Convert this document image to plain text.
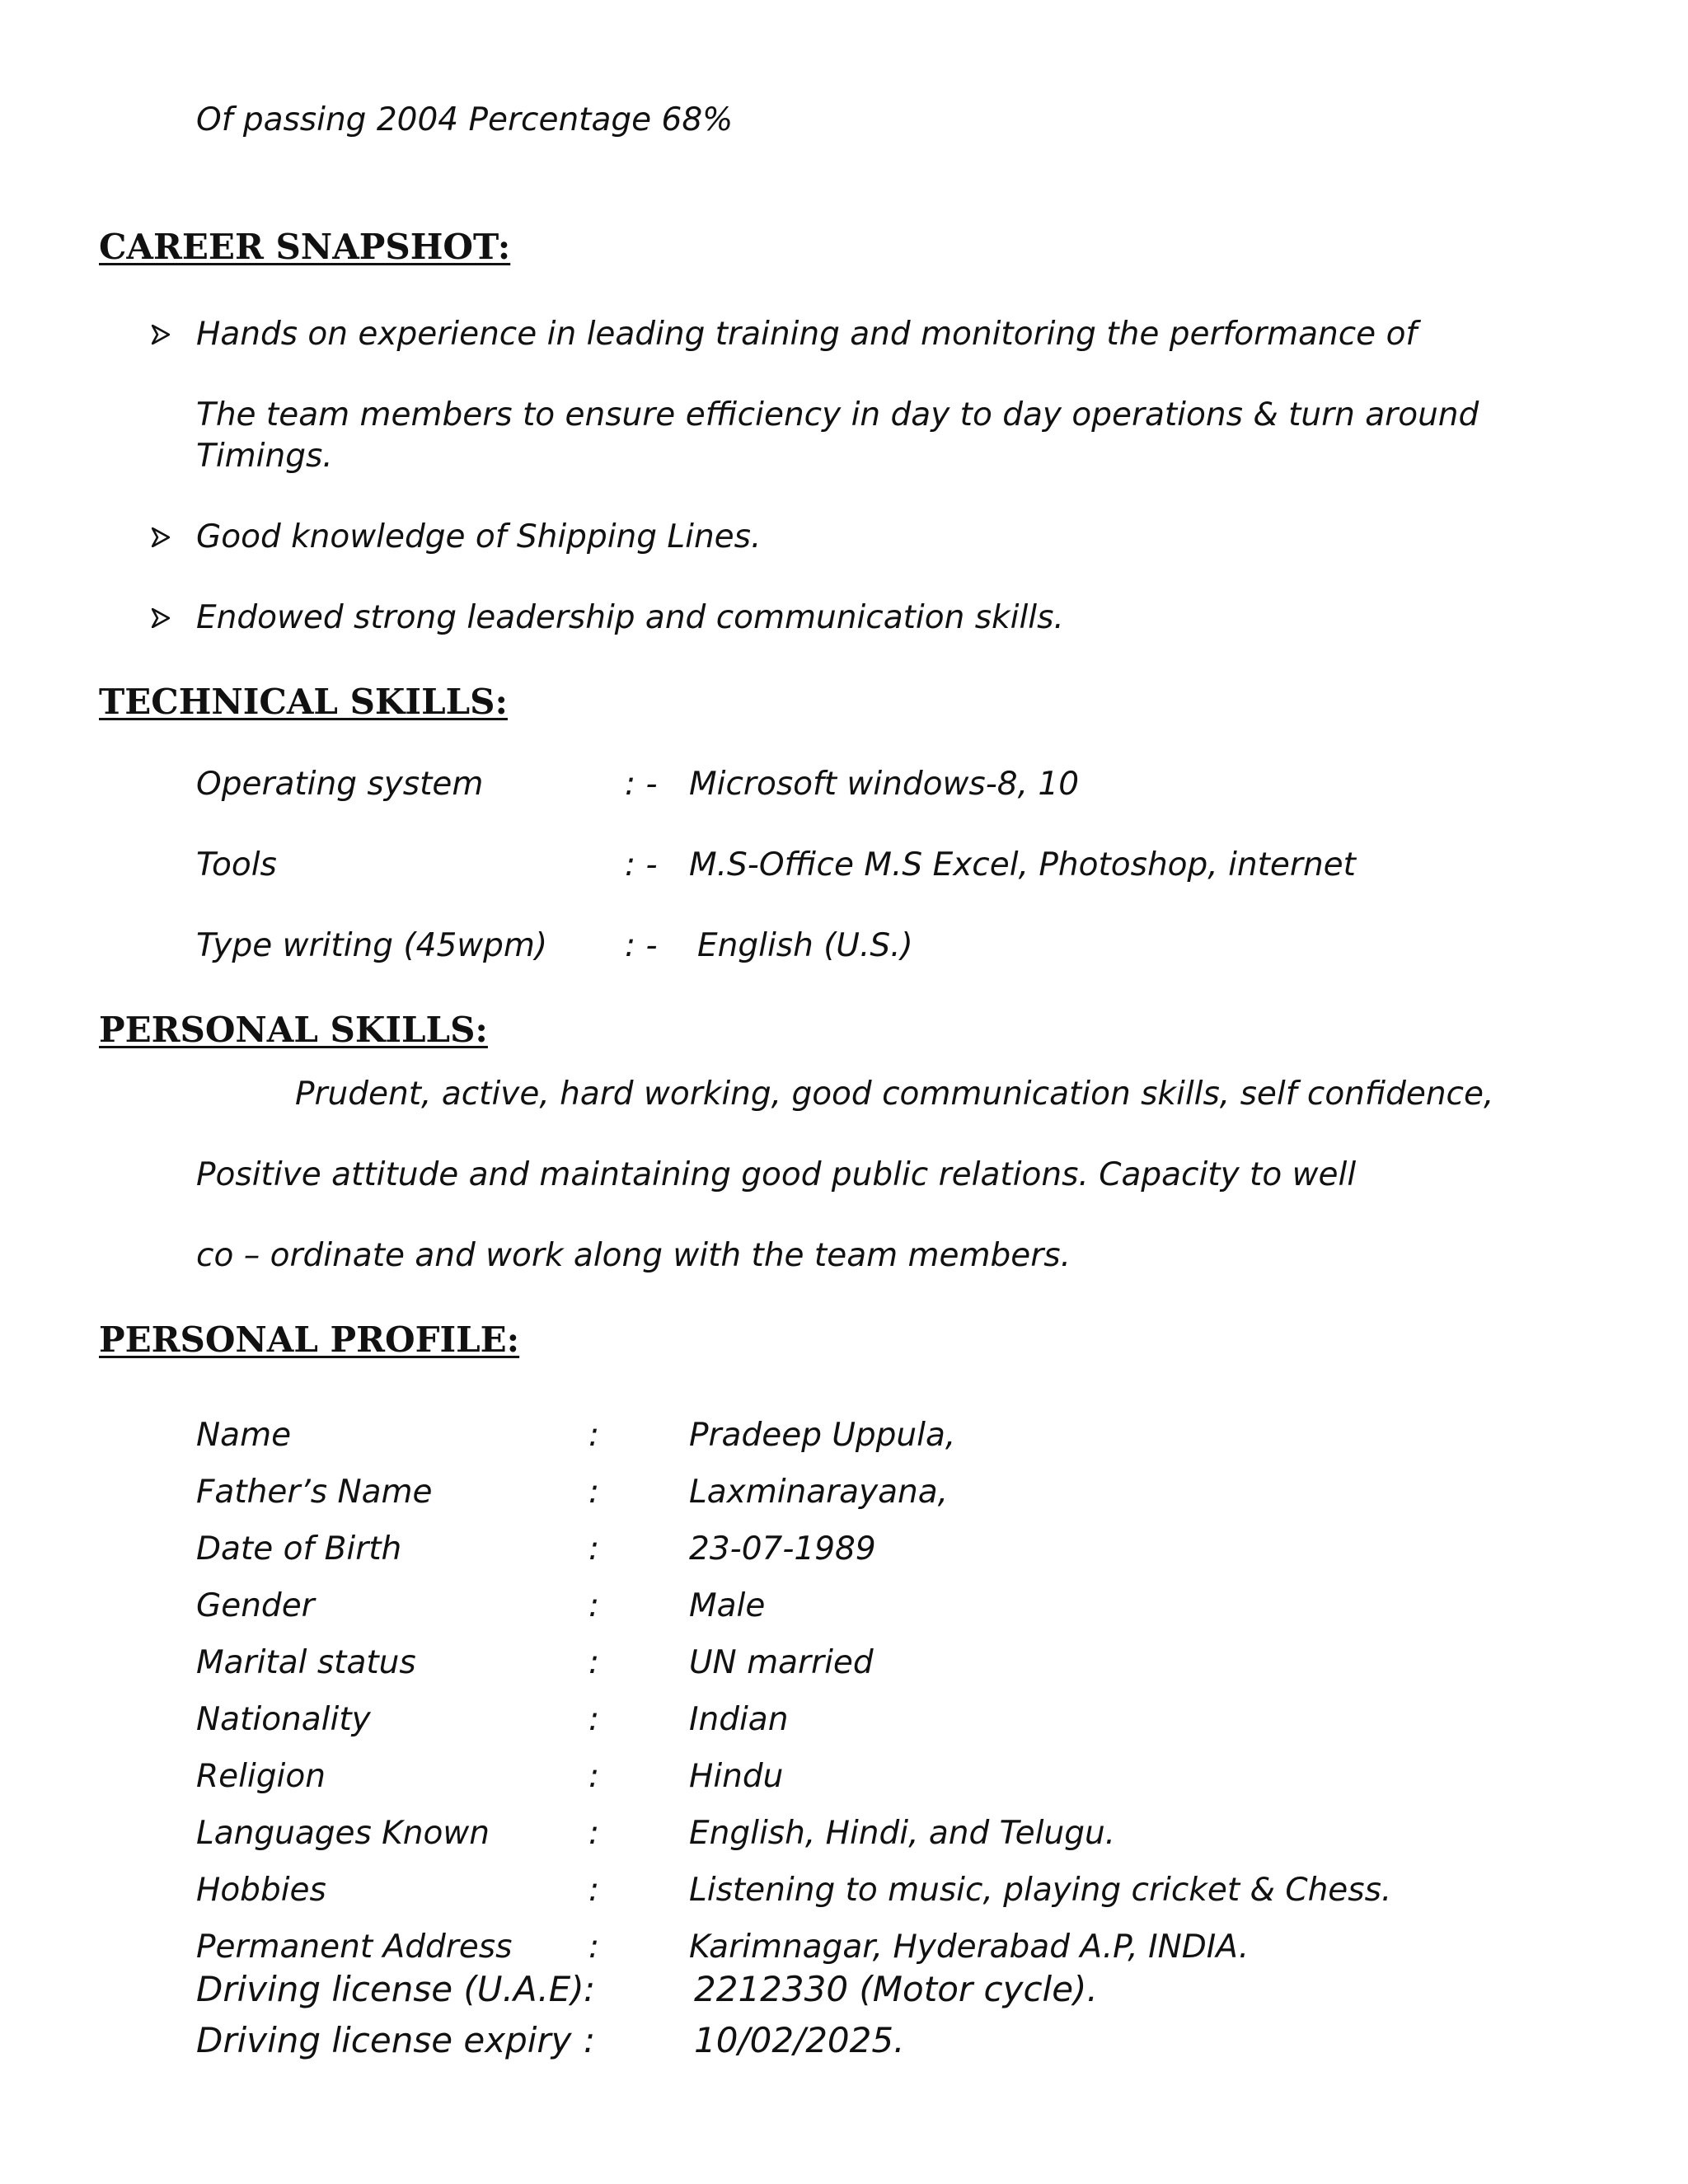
Of passing 2004 Percentage 68%
CAREER SNAPSHOT:
Hands on experience in leading training and monitoring the performance of
The team members to ensure efficiency in day to day operations & turn around
Timings.
Good knowledge of Shipping Lines.
Endowed strong leadership and communication skills.
TECHNICAL SKILLS:
Operating system	: - Microsoft windows-8, 10
Tools	: - M.S-Office M.S Excel, Photoshop, internet
Type writing (45wpm) : - English (U.S.)
PERSONAL SKILLS:
Prudent, active, hard working, good communication skills, self confidence,
Positive attitude and maintaining good public relations. Capacity to well
co – ordinate and work along with the team members.
PERSONAL PROFILE:
Name	:	Pradeep Uppula,
Father’s Name	:	Laxminarayana,
Date of Birth	:	23-07-1989
Gender	:	Male
Marital status	:	UN married
Nationality	:	Indian
Religion	:	Hindu
Languages Known	:	English, Hindi, and Telugu.
Hobbies	:	Listening to music, playing cricket & Chess.
Permanent Address :	Karimnagar, Hyderabad A.P, INDIA.
Driving license (U.A.E) :	2212330 (Motor cycle).
Driving license expiry :	10/02/2025.
